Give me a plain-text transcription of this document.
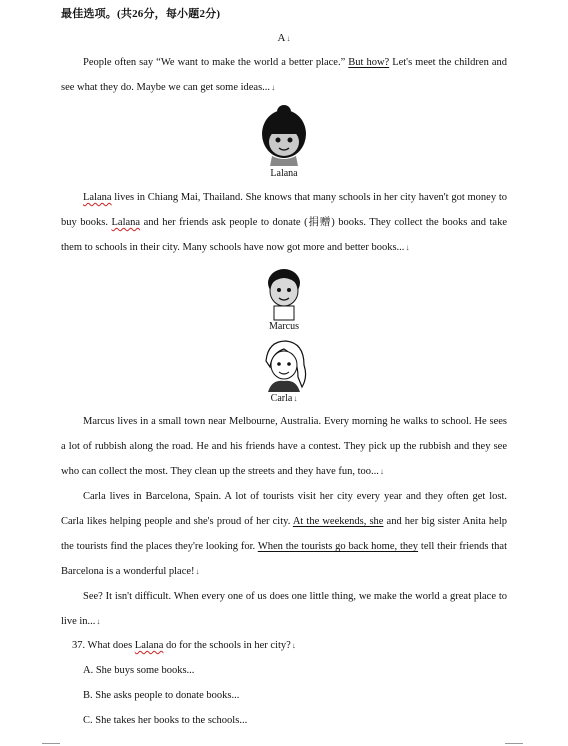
最佳选项。(共26分，每小题2分)
A↓

People often say “We want to make the world a better place.” But how? Let's meet the children and see what they do. Maybe we can get some ideas...↓

Lalana

Lalana lives in Chiang Mai, Thailand. She knows that many schools in her city haven't got money to buy books. Lalana and her friends ask people to donate (捐赠) books. They collect the books and take them to schools in their city. Many schools have now got more and better books...↓

Marcus
Carla↓

Marcus lives in a small town near Melbourne, Australia. Every morning he walks to school. He sees a lot of rubbish along the road. He and his friends have a contest. They pick up the rubbish and they see who can collect the most. They clean up the streets and they have fun, too...↓

Carla lives in Barcelona, Spain. A lot of tourists visit her city every year and they often get lost. Carla likes helping people and she's proud of her city. At the weekends, she and her big sister Anita help the tourists find the places they're looking for. When the tourists go back home, they tell their friends that Barcelona is a wonderful place!↓

See? It isn't difficult. When every one of us does one little thing, we make the world a great place to live in...↓

37. What does Lalana do for the schools in her city?↓
A. She buys some books...
B. She asks people to donate books...
C. She takes her books to the schools...
